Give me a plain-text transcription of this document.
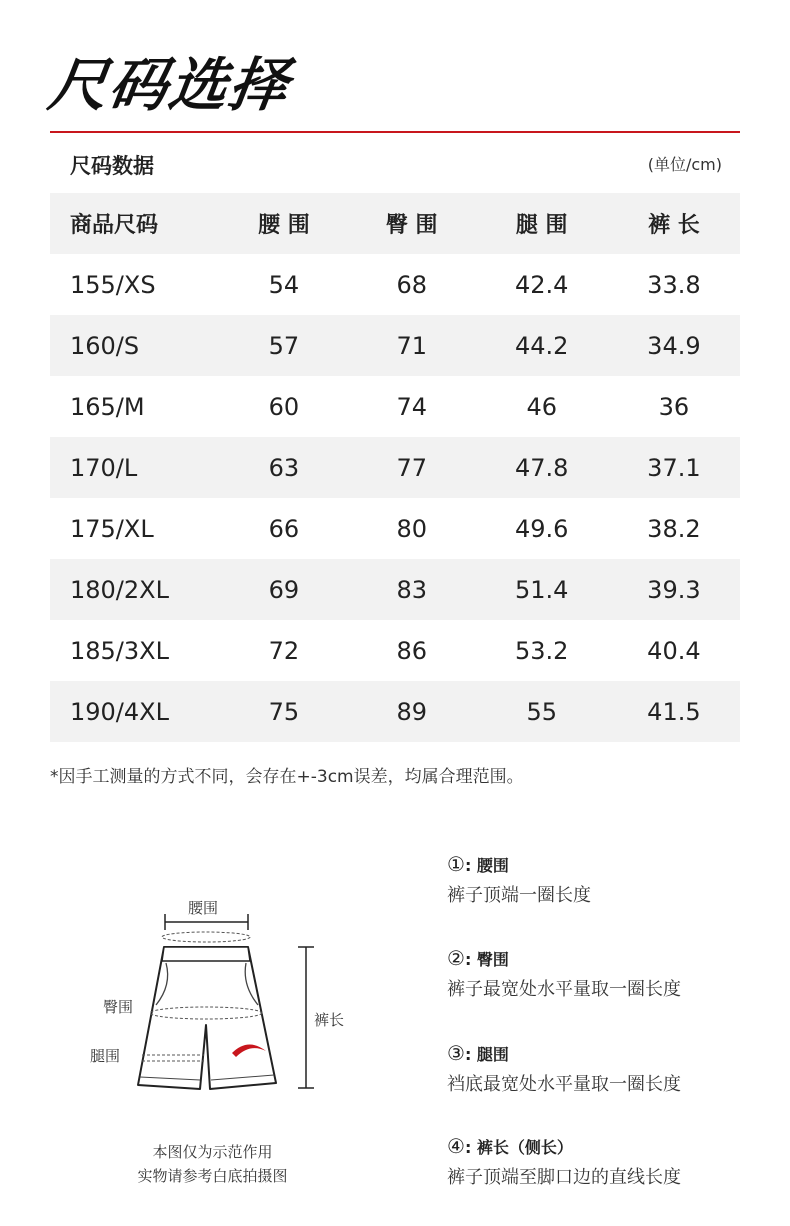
尺码选择
尺码数据	(单位/cm)
商品尺码	腰 围	臀 围	腿 围	裤 长
155/XS	54	68	42.4	33.8
160/S	57	71	44.2	34.9
165/M	60	74	46	36
170/L	63	77	47.8	37.1
175/XL	66	80	49.6	38.2
180/2XL	69	83	51.4	39.3
185/3XL	72	86	53.2	40.4
190/4XL	75	89	55	41.5
*因手工测量的方式不同，会存在+-3cm误差，均属合理范围。
腰围
臀围
腿围
裤长
本图仅为示范作用
实物请参考白底拍摄图
①: 腰围
裤子顶端一圈长度
②: 臀围
裤子最宽处水平量取一圈长度
③: 腿围
裆底最宽处水平量取一圈长度
④: 裤长（侧长）
裤子顶端至脚口边的直线长度
